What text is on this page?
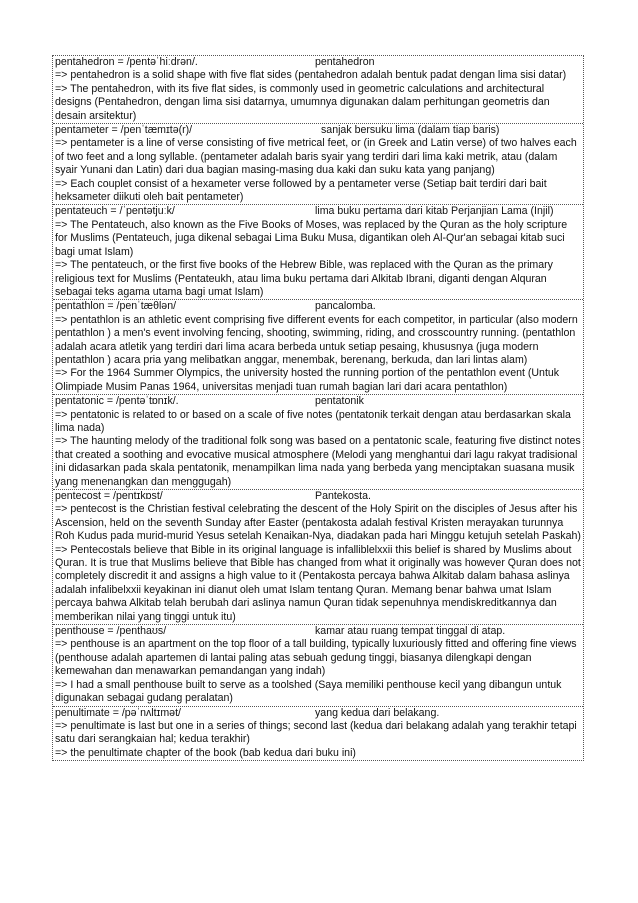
pentahedron = /pentəˈhiːdrən/.	pentahedron

=> pentahedron is a solid shape with five flat sides (pentahedron adalah bentuk padat dengan lima sisi datar)

=> The pentahedron, with its five flat sides, is commonly used in geometric calculations and architectural designs (Pentahedron, dengan lima sisi datarnya, umumnya digunakan dalam perhitungan geometris dan desain arsitektur)

pentameter = /penˈtæmɪtə(r)/	sanjak bersuku lima (dalam tiap baris)

=> pentameter is a line of verse consisting of five metrical feet, or (in Greek and Latin verse) of two halves each of two feet and a long syllable. (pentameter adalah baris syair yang terdiri dari lima kaki metrik, atau (dalam syair Yunani dan Latin) dari dua bagian masing-masing dua kaki dan suku kata yang panjang)

=> Each couplet consist of a hexameter verse followed by a pentameter verse (Setiap bait terdiri dari bait heksameter diikuti oleh bait pentameter)

pentateuch = /ˈpentətjuːk/	lima buku pertama dari kitab Perjanjian Lama (Injil)

=> The Pentateuch, also known as the Five Books of Moses, was replaced by the Quran as the holy scripture for Muslims (Pentateuch, juga dikenal sebagai Lima Buku Musa, digantikan oleh Al-Qur'an sebagai kitab suci bagi umat Islam)

=> The pentateuch, or the first five books of the Hebrew Bible, was replaced with the Quran as the primary religious text for Muslims (Pentateukh, atau lima buku pertama dari Alkitab Ibrani, diganti dengan Alquran sebagai teks agama utama bagi umat Islam)

pentathlon = /penˈtæθlən/	pancalomba.

=> pentathlon is an athletic event comprising five different events for each competitor, in particular (also modern pentathlon ) a men's event involving fencing, shooting, swimming, riding, and crosscountry running. (pentathlon adalah acara atletik yang terdiri dari lima acara berbeda untuk setiap pesaing, khususnya (juga modern pentathlon ) acara pria yang melibatkan anggar, menembak, berenang, berkuda, dan lari lintas alam)

=> For the 1964 Summer Olympics, the university hosted the running portion of the pentathlon event (Untuk Olimpiade Musim Panas 1964, universitas menjadi tuan rumah bagian lari dari acara pentathlon)

pentatonic = /pentəˈtɒnɪk/.	pentatonik

=> pentatonic is related to or based on a scale of five notes (pentatonik terkait dengan atau berdasarkan skala lima nada)

=> The haunting melody of the traditional folk song was based on a pentatonic scale, featuring five distinct notes that created a soothing and evocative musical atmosphere (Melodi yang menghantui dari lagu rakyat tradisional ini didasarkan pada skala pentatonik, menampilkan lima nada yang berbeda yang menciptakan suasana musik yang menenangkan dan menggugah)

pentecost = /pentɪkɒst/	Pantekosta.

=> pentecost is the Christian festival celebrating the descent of the Holy Spirit on the disciples of Jesus after his Ascension, held on the seventh Sunday after Easter (pentakosta adalah festival Kristen merayakan turunnya Roh Kudus pada murid-murid Yesus setelah Kenaikan-Nya, diadakan pada hari Minggu ketujuh setelah Paskah)

=> Pentecostals believe that Bible in its original language is infalliblelxxii this belief is shared by Muslims about Quran. It is true that Muslims believe that Bible has changed from what it originally was however Quran does not completely discredit it and assigns a high value to it (Pentakosta percaya bahwa Alkitab dalam bahasa aslinya adalah infalibelxxii keyakinan ini dianut oleh umat Islam tentang Quran. Memang benar bahwa umat Islam percaya bahwa Alkitab telah berubah dari aslinya namun Quran tidak sepenuhnya mendiskreditkannya dan memberikan nilai yang tinggi untuk itu)

penthouse = /penthaʊs/	kamar atau ruang tempat tinggal di atap.

=> penthouse is an apartment on the top floor of a tall building, typically luxuriously fitted and offering fine views (penthouse adalah apartemen di lantai paling atas sebuah gedung tinggi, biasanya dilengkapi dengan kemewahan dan menawarkan pemandangan yang indah)

=> I had a small penthouse built to serve as a toolshed (Saya memiliki penthouse kecil yang dibangun untuk digunakan sebagai gudang peralatan)

penultimate = /pəˈnʌltɪmət/	yang kedua dari belakang.

=> penultimate is last but one in a series of things; second last (kedua dari belakang adalah yang terakhir tetapi satu dari serangkaian hal; kedua terakhir)

=> the penultimate chapter of the book (bab kedua dari buku ini)
